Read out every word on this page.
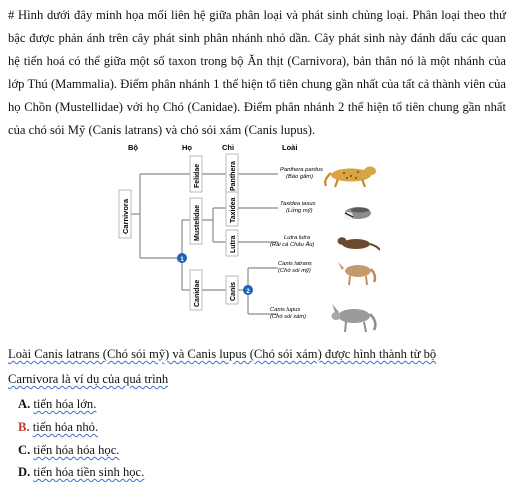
# Hình dưới đây minh họa mối liên hệ giữa phân loại và phát sinh chủng loại. Phân loại theo thứ bậc được phản ánh trên cây phát sinh phân nhánh nhỏ dần. Cây phát sinh này đánh dấu các quan hệ tiến hoá có thể giữa một số taxon trong bộ Ăn thịt (Carnivora), bản thân nó là một nhánh của lớp Thú (Mammalia). Điểm phân nhánh 1 thể hiện tổ tiên chung gần nhất của tất cả thành viên của họ Chồn (Mustellidae) với họ Chó (Canidae). Điểm phân nhánh 2 thể hiện tổ tiên chung gần nhất của chó sói Mỹ (Canis latrans) và chó sói xám (Canis lupus).

Bộ	Họ	Chi	Loài
Carnivora
Felidae
Mustelidae
Canidae
Panthera
Taxidea
Lutra
Canis
1
2
Panthera pardus
(Báo gấm)
Taxidea taxus
(Lửng mỹ)
Lutra lutra
(Rái cá Châu Âu)
Canis latrans
(Chó sói mỹ)
Canis lupus
(Chó sói xám)

Loài Canis latrans (Chó sói mỹ) và Canis lupus (Chó sói xám) được hình thành từ bộ

Carnivora là ví dụ của quá trình

A. tiến hóa lớn.

B. tiến hóa nhỏ.

C. tiến hóa hóa học.

D. tiến hóa tiền sinh học.
